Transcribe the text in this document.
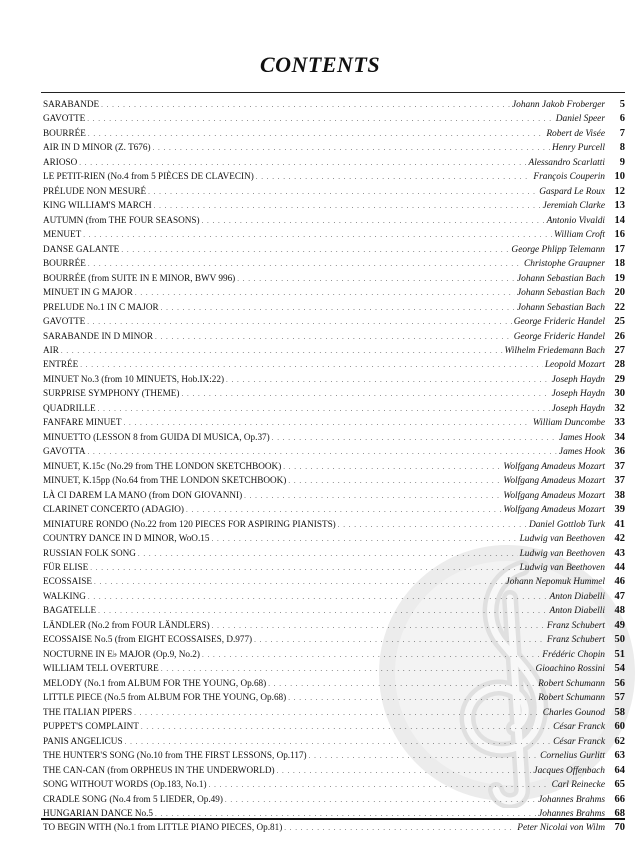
CONTENTS
SARABANDE . . .	Johann Jakob Froberger	5
GAVOTTE . . .	Daniel Speer	6
BOURRÉE . . .	Robert de Visée	7
AIR IN D MINOR (Z. T676) . . .	Henry Purcell	8
ARIOSO . . .	Alessandro Scarlatti	9
LE PETIT-RIEN (No.4 from 5 PIÈCES DE CLAVECIN) . . .	François Couperin 10
PRÉLUDE NON MESURÉ . . .	Gaspard Le Roux 12
KING WILLIAM'S MARCH . . .	Jeremiah Clarke 13
AUTUMN (from THE FOUR SEASONS) . . .	Antonio Vivaldi 14
MENUET . . .	William Croft 16
DANSE GALANTE . . .	George Phlipp Telemann 17
BOURRÉE . . .	Christophe Graupner 18
BOURRÉE (from SUITE IN E MINOR, BWV 996) . . .	Johann Sebastian Bach 19
MINUET IN G MAJOR . . .	Johann Sebastian Bach 20
PRELUDE No.1 IN C MAJOR . . .	Johann Sebastian Bach 22
GAVOTTE . . .	George Frideric Handel 25
SARABANDE IN D MINOR . . .	George Frideric Handel 26
AIR . . .	Wilhelm Friedemann Bach 27
ENTRÉE . . .	Leopold Mozart 28
MINUET No.3 (from 10 MINUETS, Hob.IX:22) . . .	Joseph Haydn 29
SURPRISE SYMPHONY (THEME) . . .	Joseph Haydn 30
QUADRILLE . . .	Joseph Haydn 32
FANFARE MINUET . . .	William Duncombe 33
MINUETTO (LESSON 8 from GUIDA DI MUSICA, Op.37) . . .	James Hook 34
GAVOTTA . . .	James Hook 36
MINUET, K.15c (No.29 from THE LONDON SKETCHBOOK) . . .	Wolfgang Amadeus Mozart 37
MINUET, K.15pp (No.64 from THE LONDON SKETCHBOOK) . . .	Wolfgang Amadeus Mozart 37
LÀ CI DAREM LA MANO (from DON GIOVANNI) . . .	Wolfgang Amadeus Mozart 38
CLARINET CONCERTO (ADAGIO) . . .	Wolfgang Amadeus Mozart 39
MINIATURE RONDO (No.22 from 120 PIECES FOR ASPIRING PIANISTS) . . .	Daniel Gottlob Turk 41
COUNTRY DANCE IN D MINOR, WoO.15 . . .	Ludwig van Beethoven 42
RUSSIAN FOLK SONG . . .	Ludwig van Beethoven 43
FÜR ELISE . . .	Ludwig van Beethoven 44
ECOSSAISE . . .	Johann Nepomuk Hummel 46
WALKING . . .	Anton Diabelli 47
BAGATELLE . . .	Anton Diabelli 48
LÄNDLER (No.2 from FOUR LÄNDLERS) . . .	Franz Schubert 49
ECOSSAISE No.5 (from EIGHT ECOSSAISES, D.977) . . .	Franz Schubert 50
NOCTURNE IN E♭ MAJOR (Op.9, No.2) . . .	Frédéric Chopin 51
WILLIAM TELL OVERTURE . . .	Gioachino Rossini 54
MELODY (No.1 from ALBUM FOR THE YOUNG, Op.68) . . .	Robert Schumann 56
LITTLE PIECE (No.5 from ALBUM FOR THE YOUNG, Op.68) . . .	Robert Schumann 57
THE ITALIAN PIPERS . . .	Charles Gounod 58
PUPPET'S COMPLAINT . . .	César Franck 60
PANIS ANGELICUS . . .	César Franck 62
THE HUNTER'S SONG (No.10 from THE FIRST LESSONS, Op.117) . . .	Cornelius Gurlitt 63
THE CAN-CAN (from ORPHEUS IN THE UNDERWORLD) . . .	Jacques Offenbach 64
SONG WITHOUT WORDS (Op.183, No.1) . . .	Carl Reinecke 65
CRADLE SONG (No.4 from 5 LIEDER, Op.49) . . .	Johannes Brahms 66
HUNGARIAN DANCE No.5 . . .	Johannes Brahms 68
TO BEGIN WITH (No.1 from LITTLE PIANO PIECES, Op.81) . . .	Peter Nicolai von Wilm 70
